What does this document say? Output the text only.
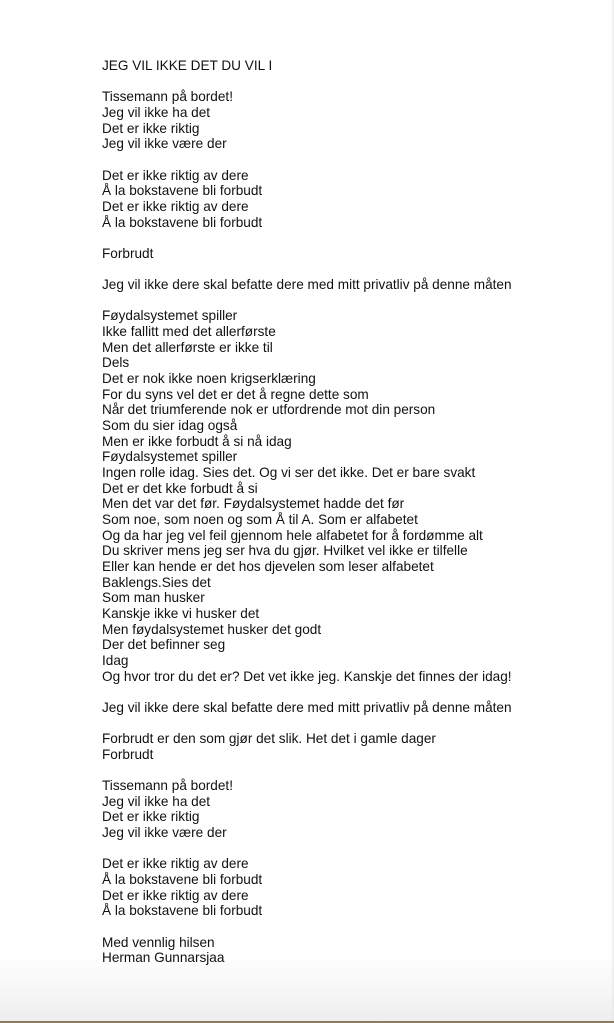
JEG VIL IKKE DET DU VIL I
Tissemann på bordet!
Jeg vil ikke ha det
Det er ikke riktig
Jeg vil ikke være der
Det er ikke riktig av dere
Å la bokstavene bli forbudt
Det er ikke riktig av dere
Å la bokstavene bli forbudt
Forbrudt
Jeg vil ikke dere skal befatte dere med mitt privatliv på denne måten
Føydalsystemet spiller
Ikke fallitt med det allerførste
Men det allerførste er ikke til
Dels
Det er nok ikke noen krigserklæring
For du syns vel det er det å regne dette som
Når det triumferende nok er utfordrende mot din person
Som du sier idag også
Men er ikke forbudt å si nå idag
Føydalsystemet spiller
Ingen rolle idag. Sies det. Og vi ser det ikke. Det er bare svakt
Det er det kke forbudt å si
Men det var det før. Føydalsystemet hadde det før
Som noe, som noen og som Å til A. Som er alfabetet
Og da har jeg vel feil gjennom hele alfabetet for å fordømme alt
Du skriver mens jeg ser hva du gjør. Hvilket vel ikke er tilfelle
Eller kan hende er det hos djevelen som leser alfabetet
Baklengs.Sies det
Som man husker
Kanskje ikke vi husker det
Men føydalsystemet husker det godt
Der det befinner seg
Idag
Og hvor tror du det er? Det vet ikke jeg. Kanskje det finnes der idag!
Jeg vil ikke dere skal befatte dere med mitt privatliv på denne måten
Forbrudt er den som gjør det slik. Het det i gamle dager
Forbrudt
Tissemann på bordet!
Jeg vil ikke ha det
Det er ikke riktig
Jeg vil ikke være der
Det er ikke riktig av dere
Å la bokstavene bli forbudt
Det er ikke riktig av dere
Å la bokstavene bli forbudt
Med vennlig hilsen
Herman Gunnarsjaa
